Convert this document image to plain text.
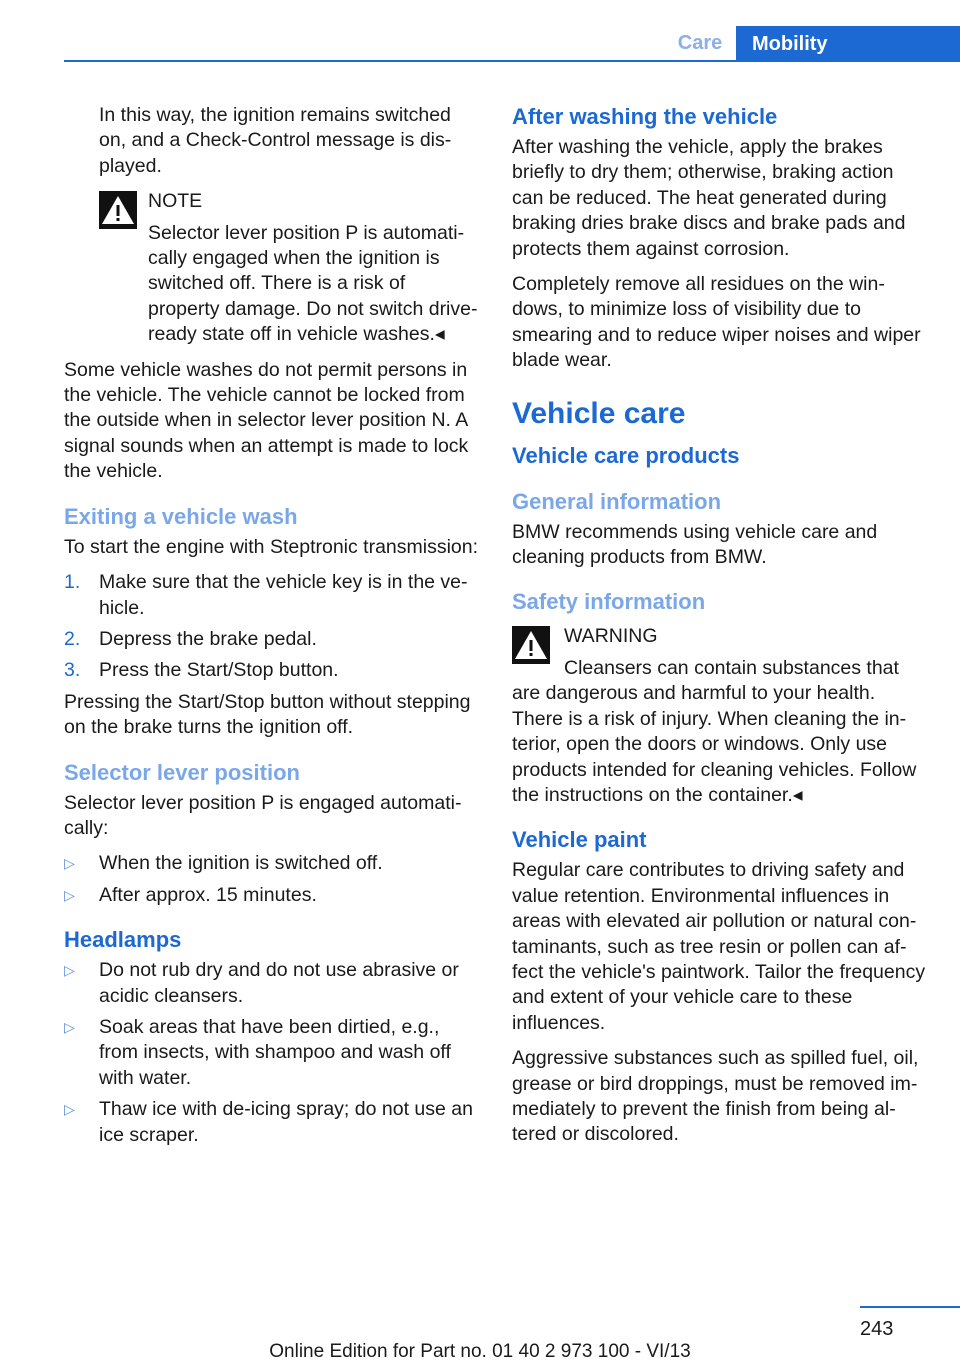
Care	Mobility

In this way, the ignition remains switched on, and a Check-Control message is displayed.

NOTE
Selector lever position P is automatically engaged when the ignition is switched off. There is a risk of property damage. Do not switch drive-ready state off in vehicle washes.◂

Some vehicle washes do not permit persons in the vehicle. The vehicle cannot be locked from the outside when in selector lever position N. A signal sounds when an attempt is made to lock the vehicle.

Exiting a vehicle wash

To start the engine with Steptronic transmission:

1. Make sure that the vehicle key is in the vehicle.
2. Depress the brake pedal.
3. Press the Start/Stop button.

Pressing the Start/Stop button without stepping on the brake turns the ignition off.

Selector lever position

Selector lever position P is engaged automatically:

▷	When the ignition is switched off.
▷	After approx. 15 minutes.
Headlamps
▷	Do not rub dry and do not use abrasive or acidic cleansers.
▷	Soak areas that have been dirtied, e.g., from insects, with shampoo and wash off with water.
▷	Thaw ice with de-icing spray; do not use an ice scraper.
After washing the vehicle

After washing the vehicle, apply the brakes briefly to dry them; otherwise, braking action can be reduced. The heat generated during braking dries brake discs and brake pads and protects them against corrosion.

Completely remove all residues on the windows, to minimize loss of visibility due to smearing and to reduce wiper noises and wiper blade wear.

Vehicle care
Vehicle care products
General information

BMW recommends using vehicle care and cleaning products from BMW.

Safety information
WARNING
Cleansers can contain substances that are dangerous and harmful to your health. There is a risk of injury. When cleaning the interior, open the doors or windows. Only use products intended for cleaning vehicles. Follow the instructions on the container.◂
Vehicle paint

Regular care contributes to driving safety and value retention. Environmental influences in areas with elevated air pollution or natural contaminants, such as tree resin or pollen can affect the vehicle's paintwork. Tailor the frequency and extent of your vehicle care to these influences.

Aggressive substances such as spilled fuel, oil, grease or bird droppings, must be removed immediately to prevent the finish from being altered or discolored.

243
Online Edition for Part no. 01 40 2 973 100 - VI/13
